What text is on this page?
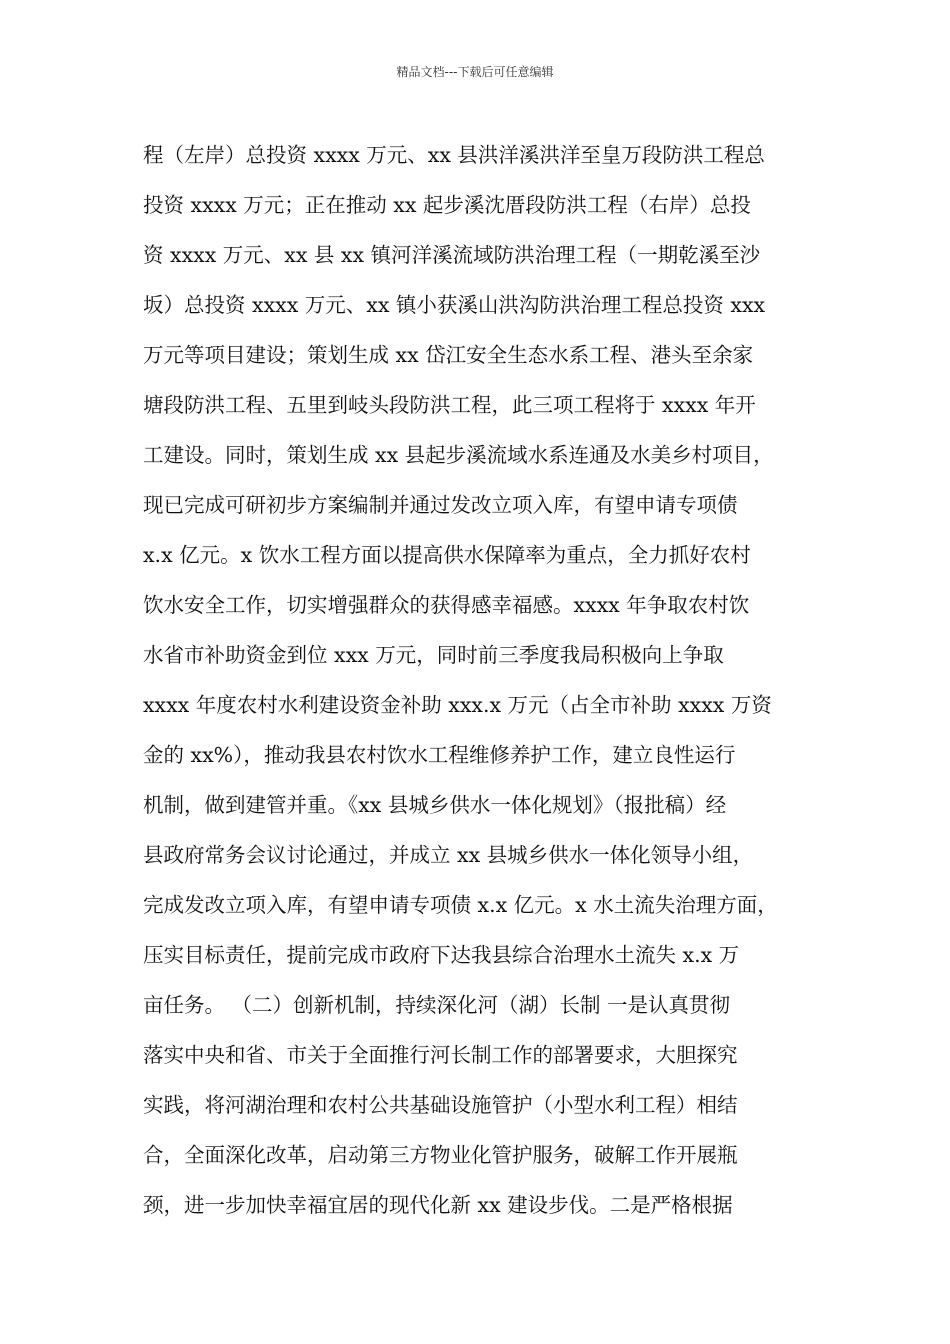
精品文档---下载后可任意编辑
程（左岸）总投资 xxxx 万元、xx 县洪洋溪洪洋至皇万段防洪工程总
投资 xxxx 万元；正在推动 xx 起步溪沈厝段防洪工程（右岸）总投
资 xxxx 万元、xx 县 xx 镇河洋溪流域防洪治理工程（一期乾溪至沙
坂）总投资 xxxx 万元、xx 镇小获溪山洪沟防洪治理工程总投资 xxx
万元等项目建设；策划生成 xx 岱江安全生态水系工程、港头至余家
塘段防洪工程、五里到岐头段防洪工程，此三项工程将于 xxxx 年开
工建设。同时，策划生成 xx 县起步溪流域水系连通及水美乡村项目，
现已完成可研初步方案编制并通过发改立项入库，有望申请专项债
x.x 亿元。x 饮水工程方面以提高供水保障率为重点，全力抓好农村
饮水安全工作，切实增强群众的获得感幸福感。xxxx 年争取农村饮
水省市补助资金到位 xxx 万元，同时前三季度我局积极向上争取
xxxx 年度农村水利建设资金补助 xxx.x 万元（占全市补助 xxxx 万资
金的 xx%），推动我县农村饮水工程维修养护工作，建立良性运行
机制，做到建管并重。《xx 县城乡供水一体化规划》（报批稿）经
县政府常务会议讨论通过，并成立 xx 县城乡供水一体化领导小组，
完成发改立项入库，有望申请专项债 x.x 亿元。x 水土流失治理方面，
压实目标责任，提前完成市政府下达我县综合治理水土流失 x.x 万
亩任务。 （二）创新机制，持续深化河（湖）长制 一是认真贯彻
落实中央和省、市关于全面推行河长制工作的部署要求，大胆探究
实践，将河湖治理和农村公共基础设施管护（小型水利工程）相结
合，全面深化改革，启动第三方物业化管护服务，破解工作开展瓶
颈，进一步加快幸福宜居的现代化新 xx 建设步伐。二是严格根据
